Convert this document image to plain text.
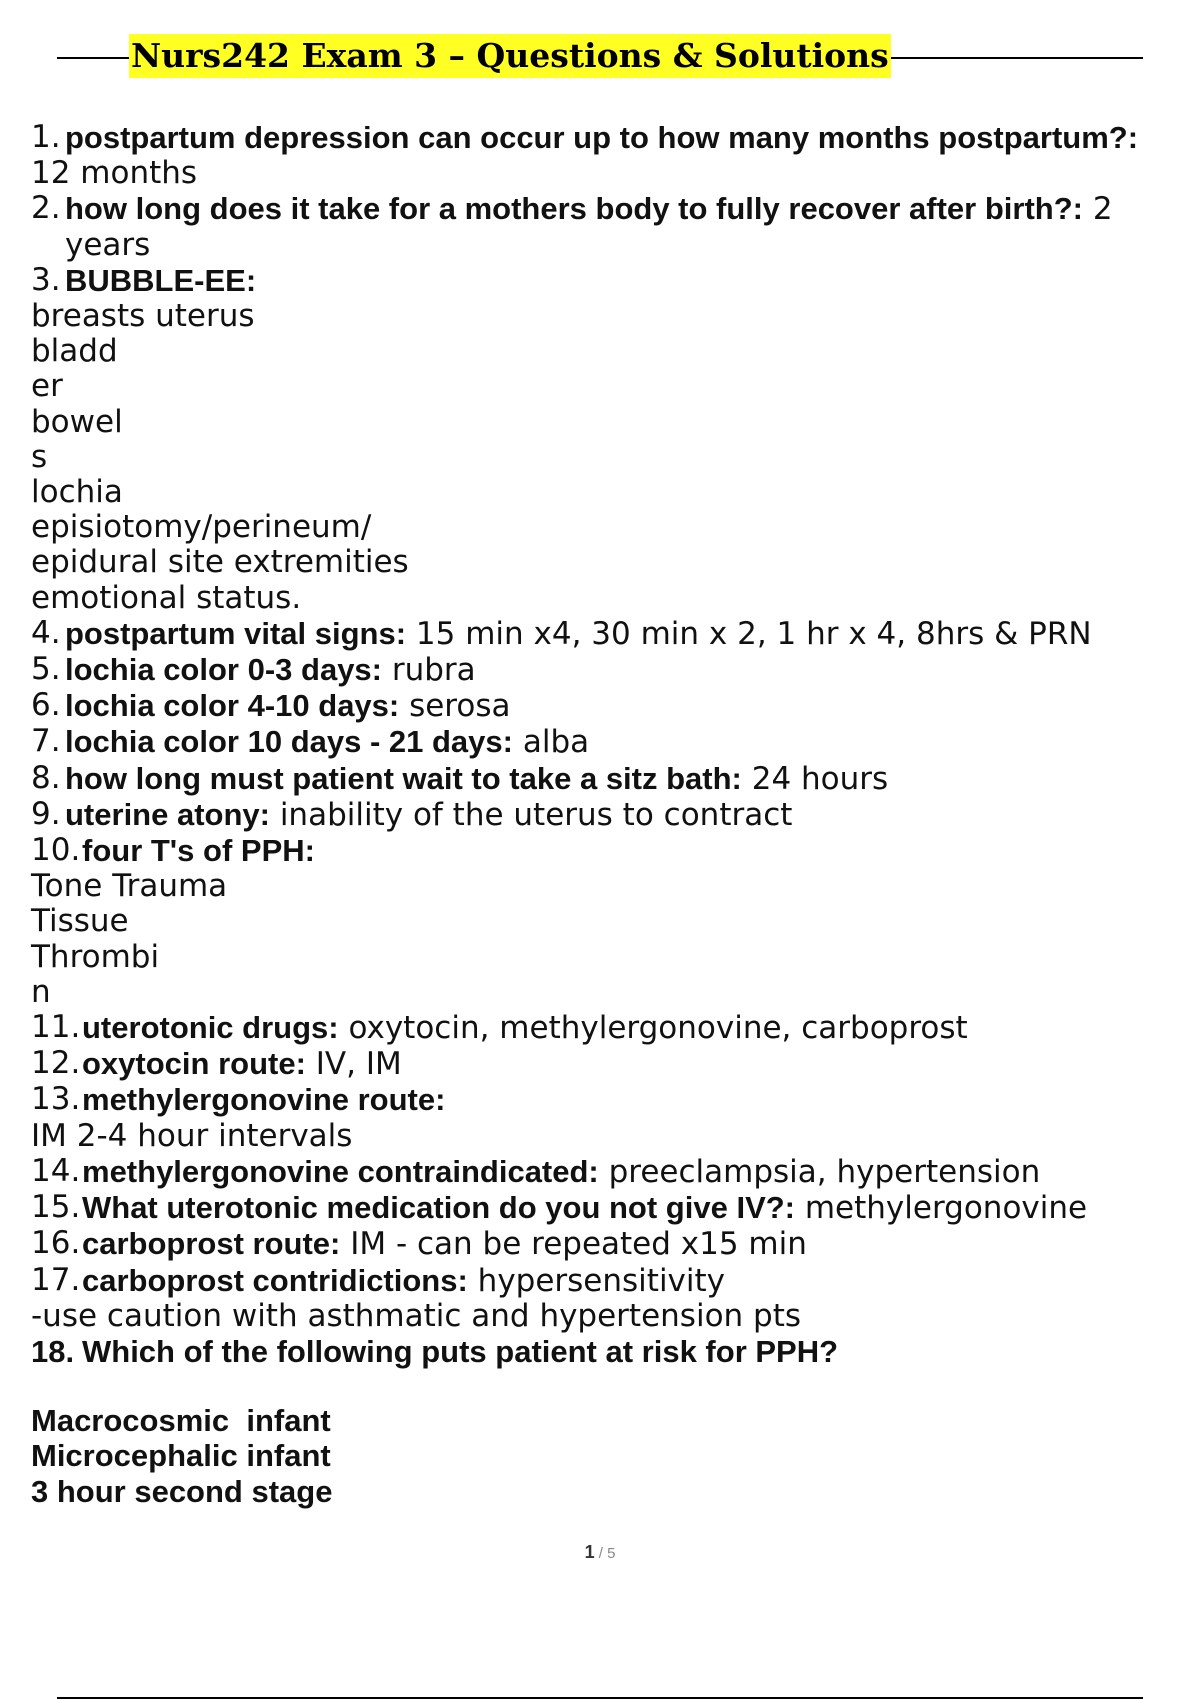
Nurs242 Exam 3 – Questions & Solutions
1. postpartum depression can occur up to how many months postpartum?:
12 months
2. how long does it take for a mothers body to fully recover after birth?: 2 years
3. BUBBLE-EE:
breasts uterus
bladd
er
bowel
s
lochia
episiotomy/perineum/
epidural site extremities
emotional status.
4. postpartum vital signs: 15 min x4, 30 min x 2, 1 hr x 4, 8hrs & PRN
5. lochia color 0-3 days: rubra
6. lochia color 4-10 days: serosa
7. lochia color 10 days - 21 days: alba
8. how long must patient wait to take a sitz bath: 24 hours
9. uterine atony: inability of the uterus to contract
10. four T's of PPH:
Tone Trauma
Tissue
Thrombi
n
11. uterotonic drugs: oxytocin, methylergonovine, carboprost
12. oxytocin route: IV, IM
13. methylergonovine route:
IM 2-4 hour intervals
14. methylergonovine contraindicated: preeclampsia, hypertension
15. What uterotonic medication do you not give IV?: methylergonovine
16. carboprost route: IM - can be repeated x15 min
17. carboprost contridictions: hypersensitivity
-use caution with asthmatic and hypertension pts
18. Which of the following puts patient at risk for PPH?
Macrocosmic  infant
Microcephalic infant
3 hour second stage
1 / 5
